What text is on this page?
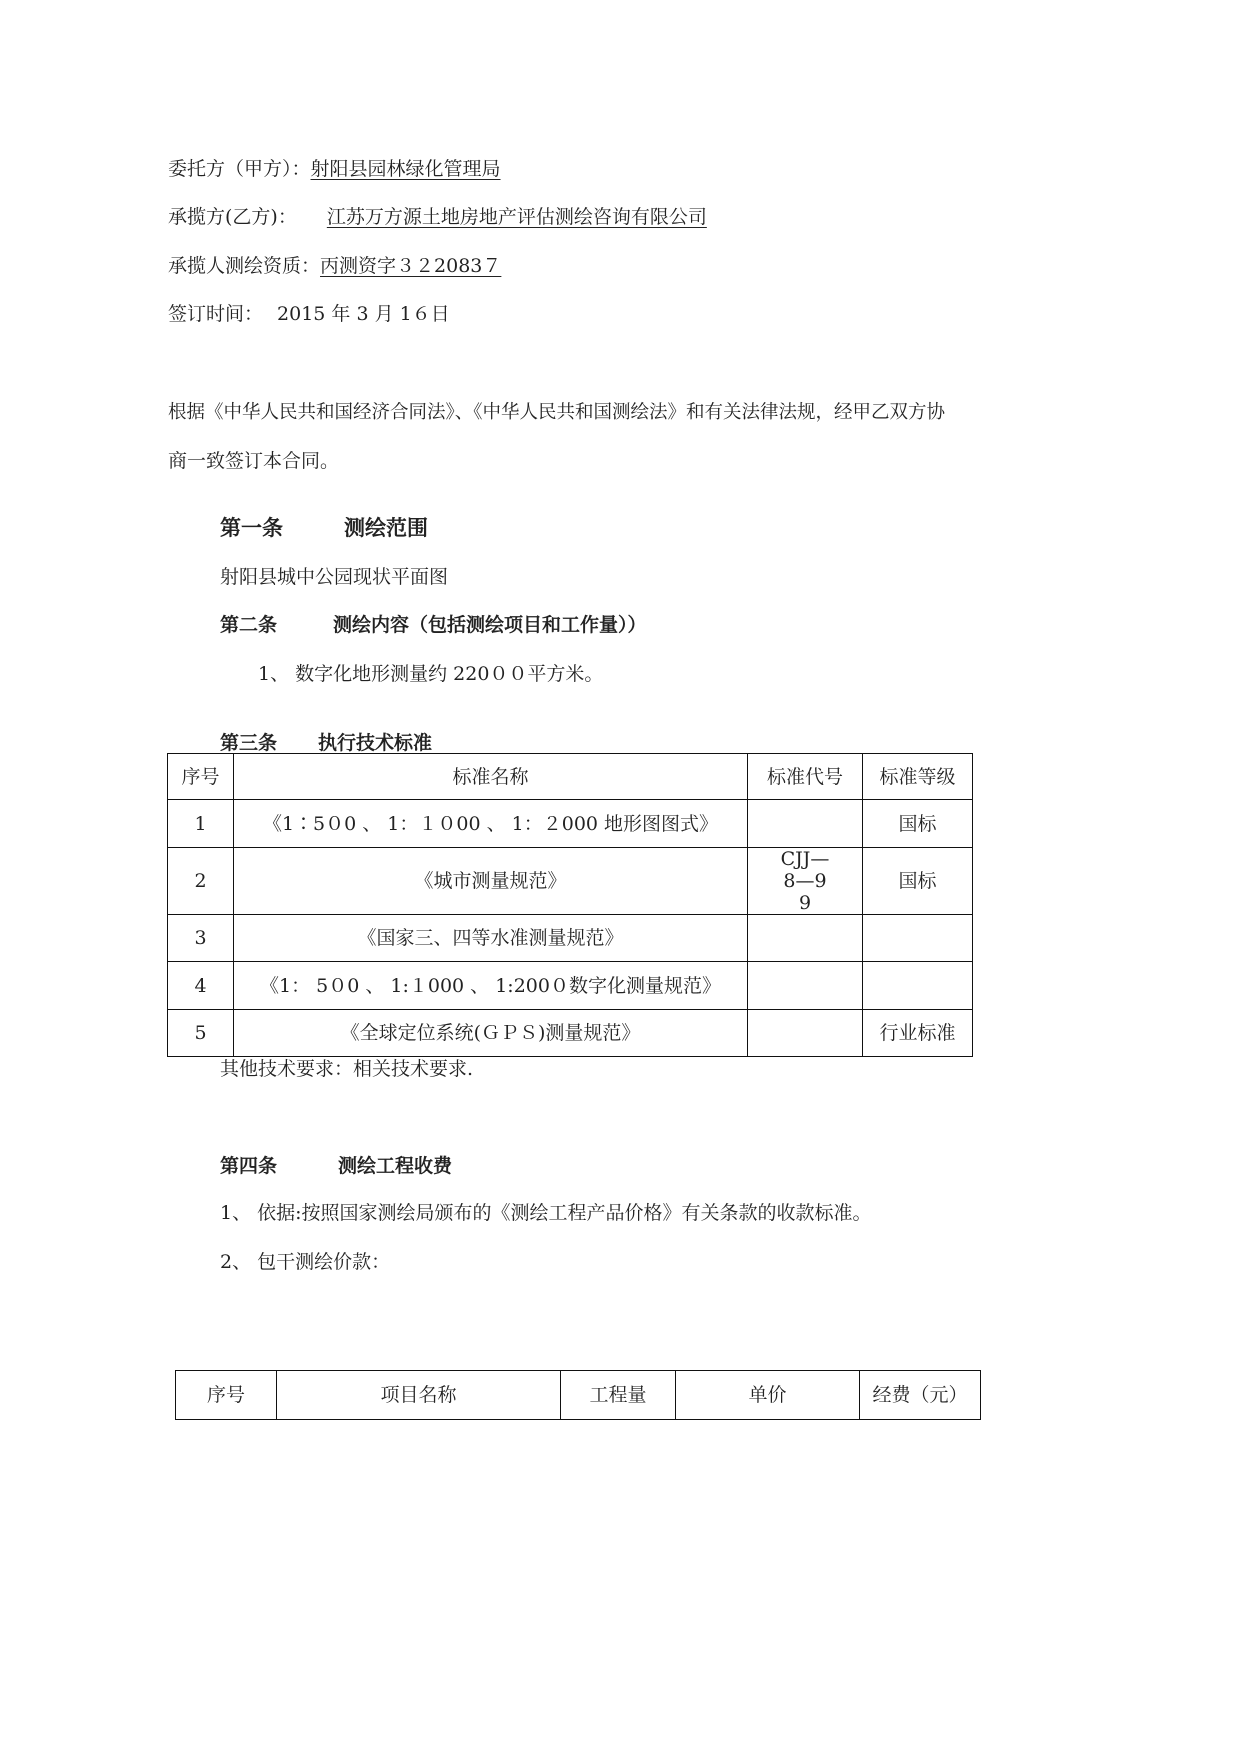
委托方（甲方）：射阳县园林绿化管理局
承揽方(乙方)： 江苏万方源土地房地产评估测绘咨询有限公司
承揽人测绘资质：丙测资字３２2083７
签订时间： 2015 年 3 月 1６日
根据《中华人民共和国经济合同法》、《中华人民共和国测绘法》和有关法律法规，经甲乙双方协
商一致签订本合同。
第一条	测绘范围
射阳县城中公园现状平面图
第二条	测绘内容（包括测绘项目和工作量））
1、 数字化地形测量约 220００平方米。
第三条 执行技术标准
序号	标准名称	标准代号	标准等级
1	《1∶5０0 、 1：１０00 、 1：２000 地形图图式》		国标
2	《城市测量规范》	CJJ—8—99	国标
3	《国家三、四等水准测量规范》		
4	《1： 5０0 、 1:１000 、 1:200０数字化测量规范》		
5	《全球定位系统(ＧＰＳ)测量规范》		行业标准
其他技术要求：相关技术要求.
第四条	测绘工程收费
1、 依据:按照国家测绘局颁布的《测绘工程产品价格》有关条款的收款标准。
2、 包干测绘价款：
序号	项目名称	工程量	单价	经费（元）
